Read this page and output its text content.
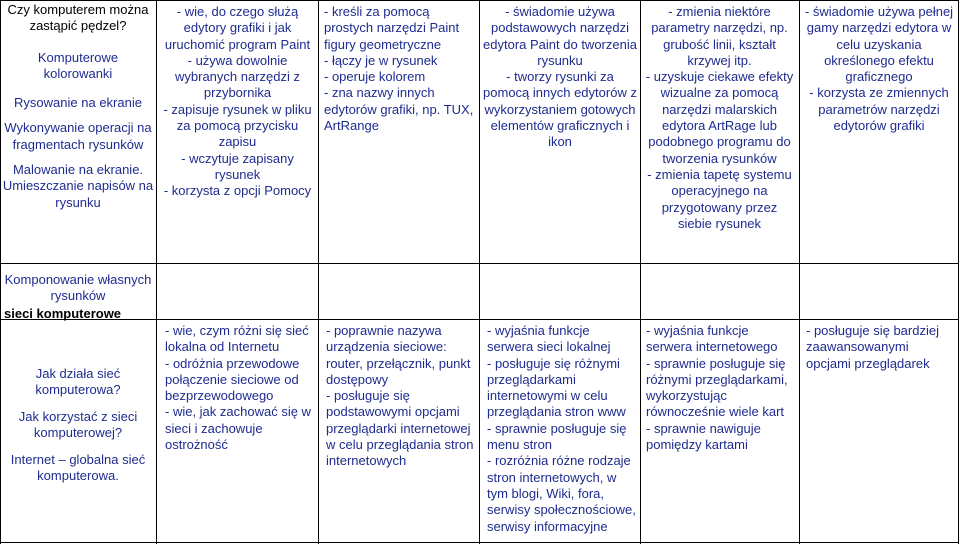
Czy komputerem można zastąpić pędzel?
Komputerowe kolorowanki
Rysowanie na ekranie
Wykonywanie operacji na fragmentach rysunków
Malowanie na ekranie. Umieszczanie napisów na rysunku
- wie, do czego służą edytory grafiki i jak uruchomić program Paint
- używa dowolnie wybranych narzędzi z przybornika
- zapisuje rysunek w pliku za pomocą przycisku zapisu
- wczytuje zapisany rysunek
- korzysta z opcji Pomocy
- kreśli za pomocą prostych narzędzi Paint figury geometryczne
- łączy je w rysunek
- operuje kolorem
- zna nazwy innych edytorów grafiki, np. TUX, ArtRange
- świadomie używa podstawowych narzędzi edytora Paint do tworzenia rysunku
- tworzy rysunki za pomocą innych edytorów z wykorzystaniem gotowych elementów graficznych i ikon
- zmienia niektóre parametry narzędzi, np. grubość linii, kształt krzywej itp.
- uzyskuje ciekawe efekty wizualne za pomocą narzędzi malarskich edytora ArtRage lub podobnego programu do tworzenia rysunków
- zmienia tapetę systemu operacyjnego na przygotowany przez siebie rysunek
- świadomie używa pełnej gamy narzędzi edytora w celu uzyskania określonego efektu graficznego
- korzysta ze zmiennych parametrów narzędzi edytorów grafiki
Komponowanie własnych rysunków
sieci komputerowe
Jak działa sieć komputerowa?
Jak korzystać z sieci komputerowej?
Internet – globalna sieć komputerowa.
- wie, czym różni się sieć lokalna od Internetu
- odróżnia przewodowe połączenie sieciowe od bezprzewodowego
- wie, jak zachować się w sieci i zachowuje ostrożność
- poprawnie nazywa urządzenia sieciowe: router, przełącznik, punkt dostępowy
- posługuje się podstawowymi opcjami przeglądarki internetowej w celu przeglądania stron internetowych
- wyjaśnia funkcje serwera sieci lokalnej
- posługuje się różnymi przeglądarkami internetowymi w celu przeglądania stron www
- sprawnie posługuje się menu stron
- rozróżnia różne rodzaje stron internetowych, w tym blogi, Wiki, fora, serwisy społecznościowe, serwisy informacyjne
- wyjaśnia funkcje serwera internetowego
- sprawnie posługuje się różnymi przeglądarkami, wykorzystując równocześnie wiele kart
- sprawnie nawiguje pomiędzy kartami
- posługuje się bardziej zaawansowanymi opcjami przeglądarek
